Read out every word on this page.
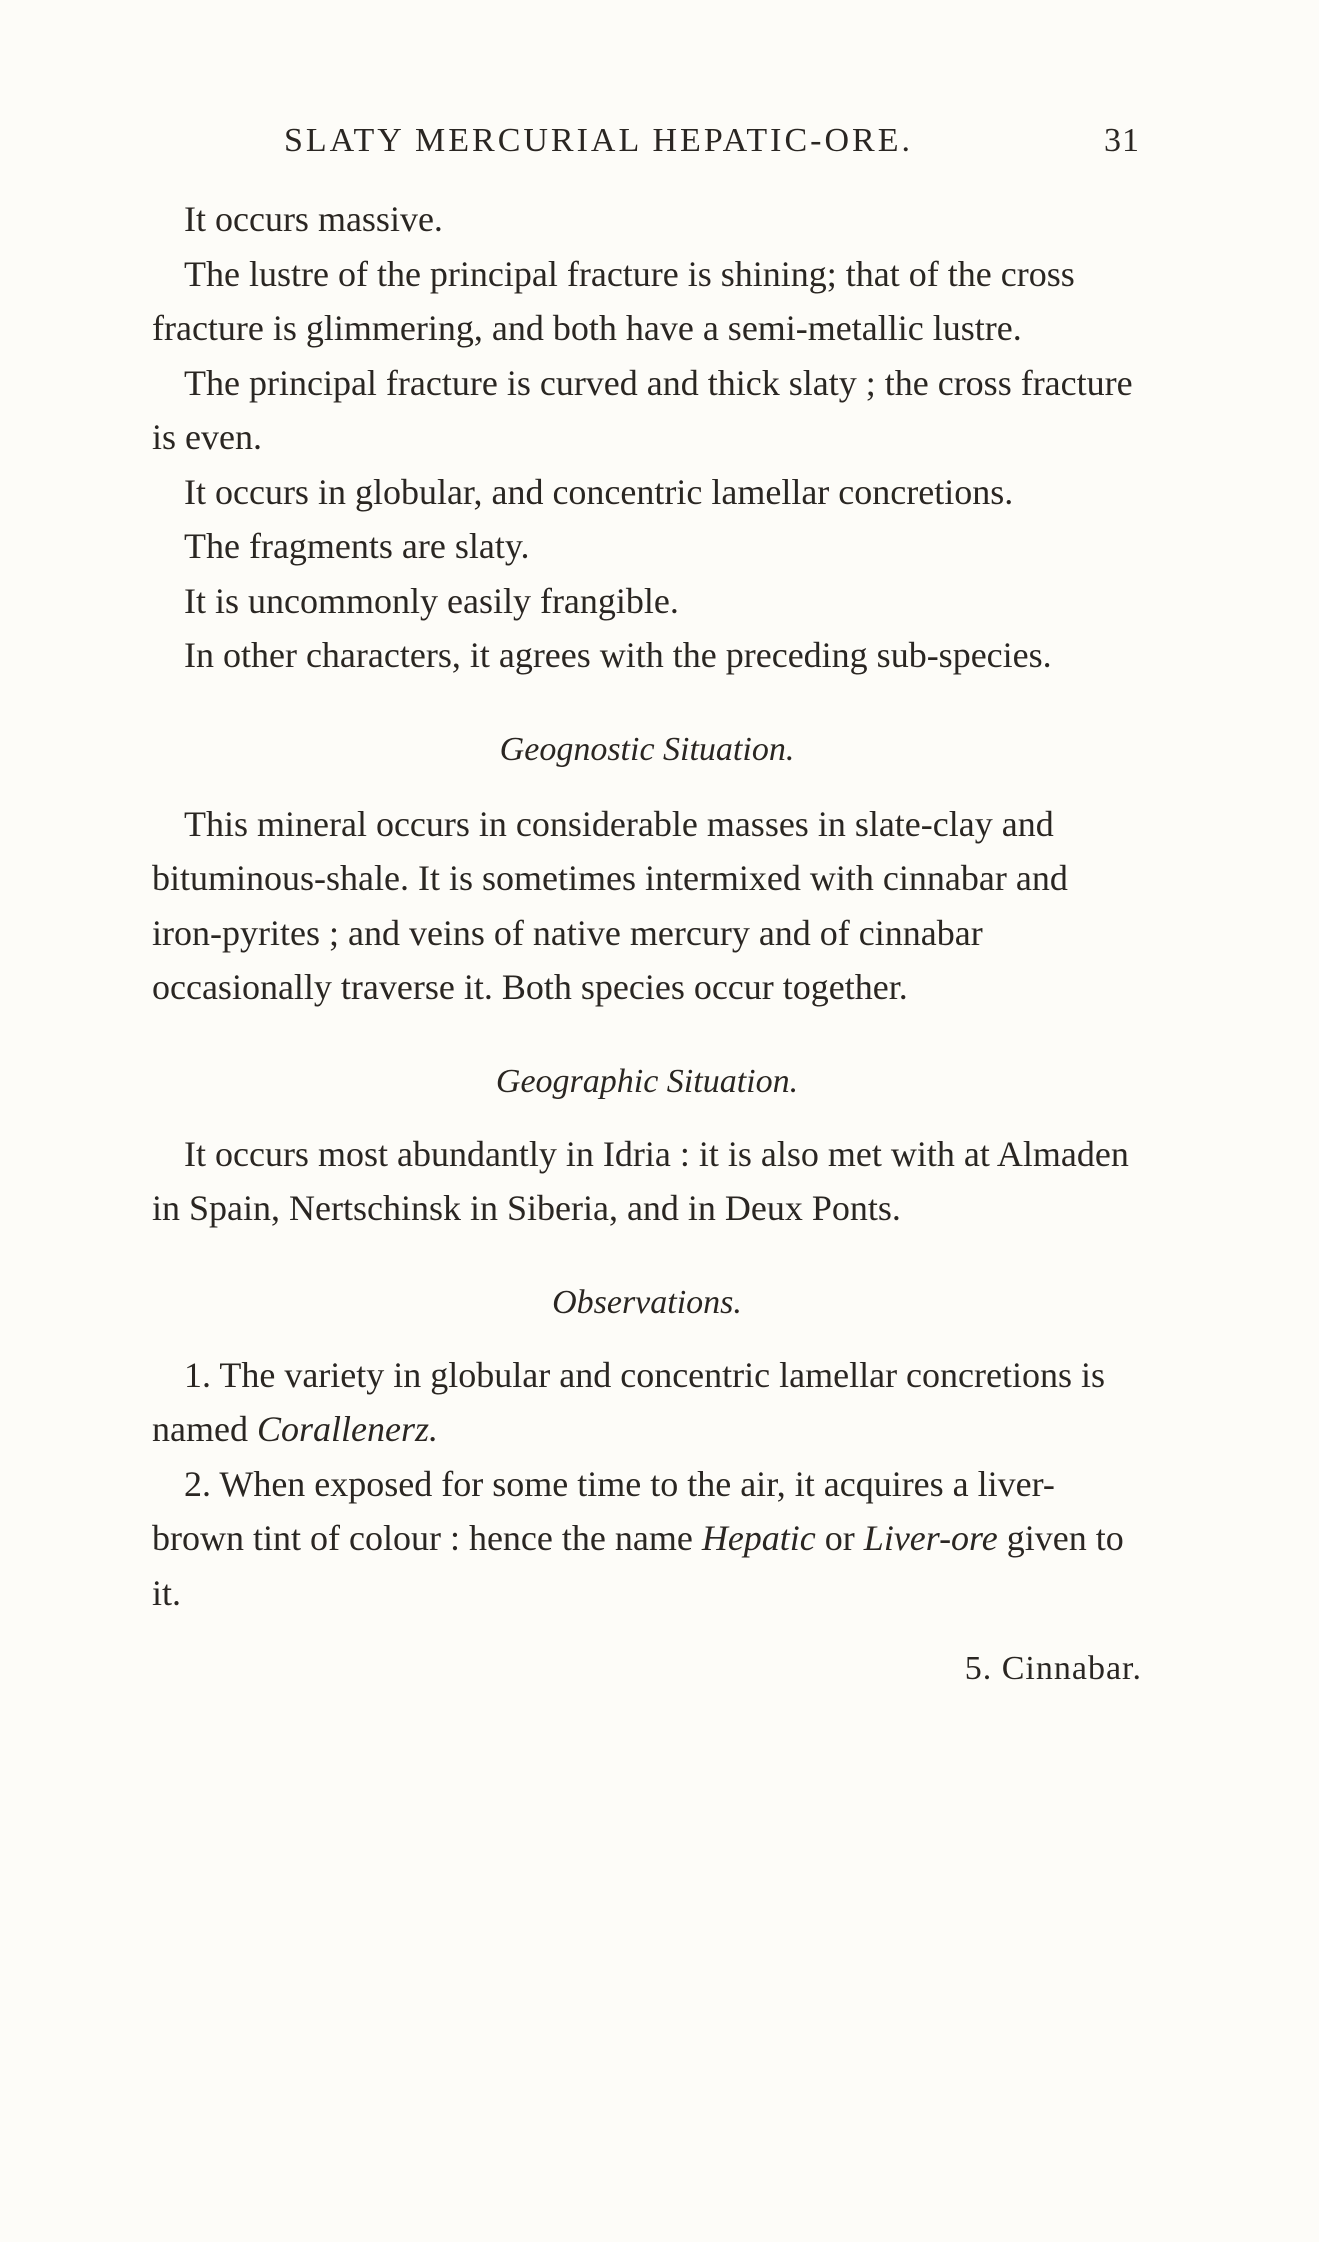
SLATY MERCURIAL HEPATIC-ORE.	31

It occurs massive.

The lustre of the principal fracture is shining; that of the cross fracture is glimmering, and both have a semi-metallic lustre.

The principal fracture is curved and thick slaty ; the cross fracture is even.

It occurs in globular, and concentric lamellar concretions.

The fragments are slaty.

It is uncommonly easily frangible.

In other characters, it agrees with the preceding sub-species.

Geognostic Situation.

This mineral occurs in considerable masses in slate-clay and bituminous-shale. It is sometimes intermixed with cinnabar and iron-pyrites ; and veins of native mercury and of cinnabar occasionally traverse it. Both species occur together.

Geographic Situation.

It occurs most abundantly in Idria : it is also met with at Almaden in Spain, Nertschinsk in Siberia, and in Deux Ponts.

Observations.

1. The variety in globular and concentric lamellar concretions is named Corallenerz.

2. When exposed for some time to the air, it acquires a liver-brown tint of colour : hence the name Hepatic or Liver-ore given to it.

5. Cinnabar.
